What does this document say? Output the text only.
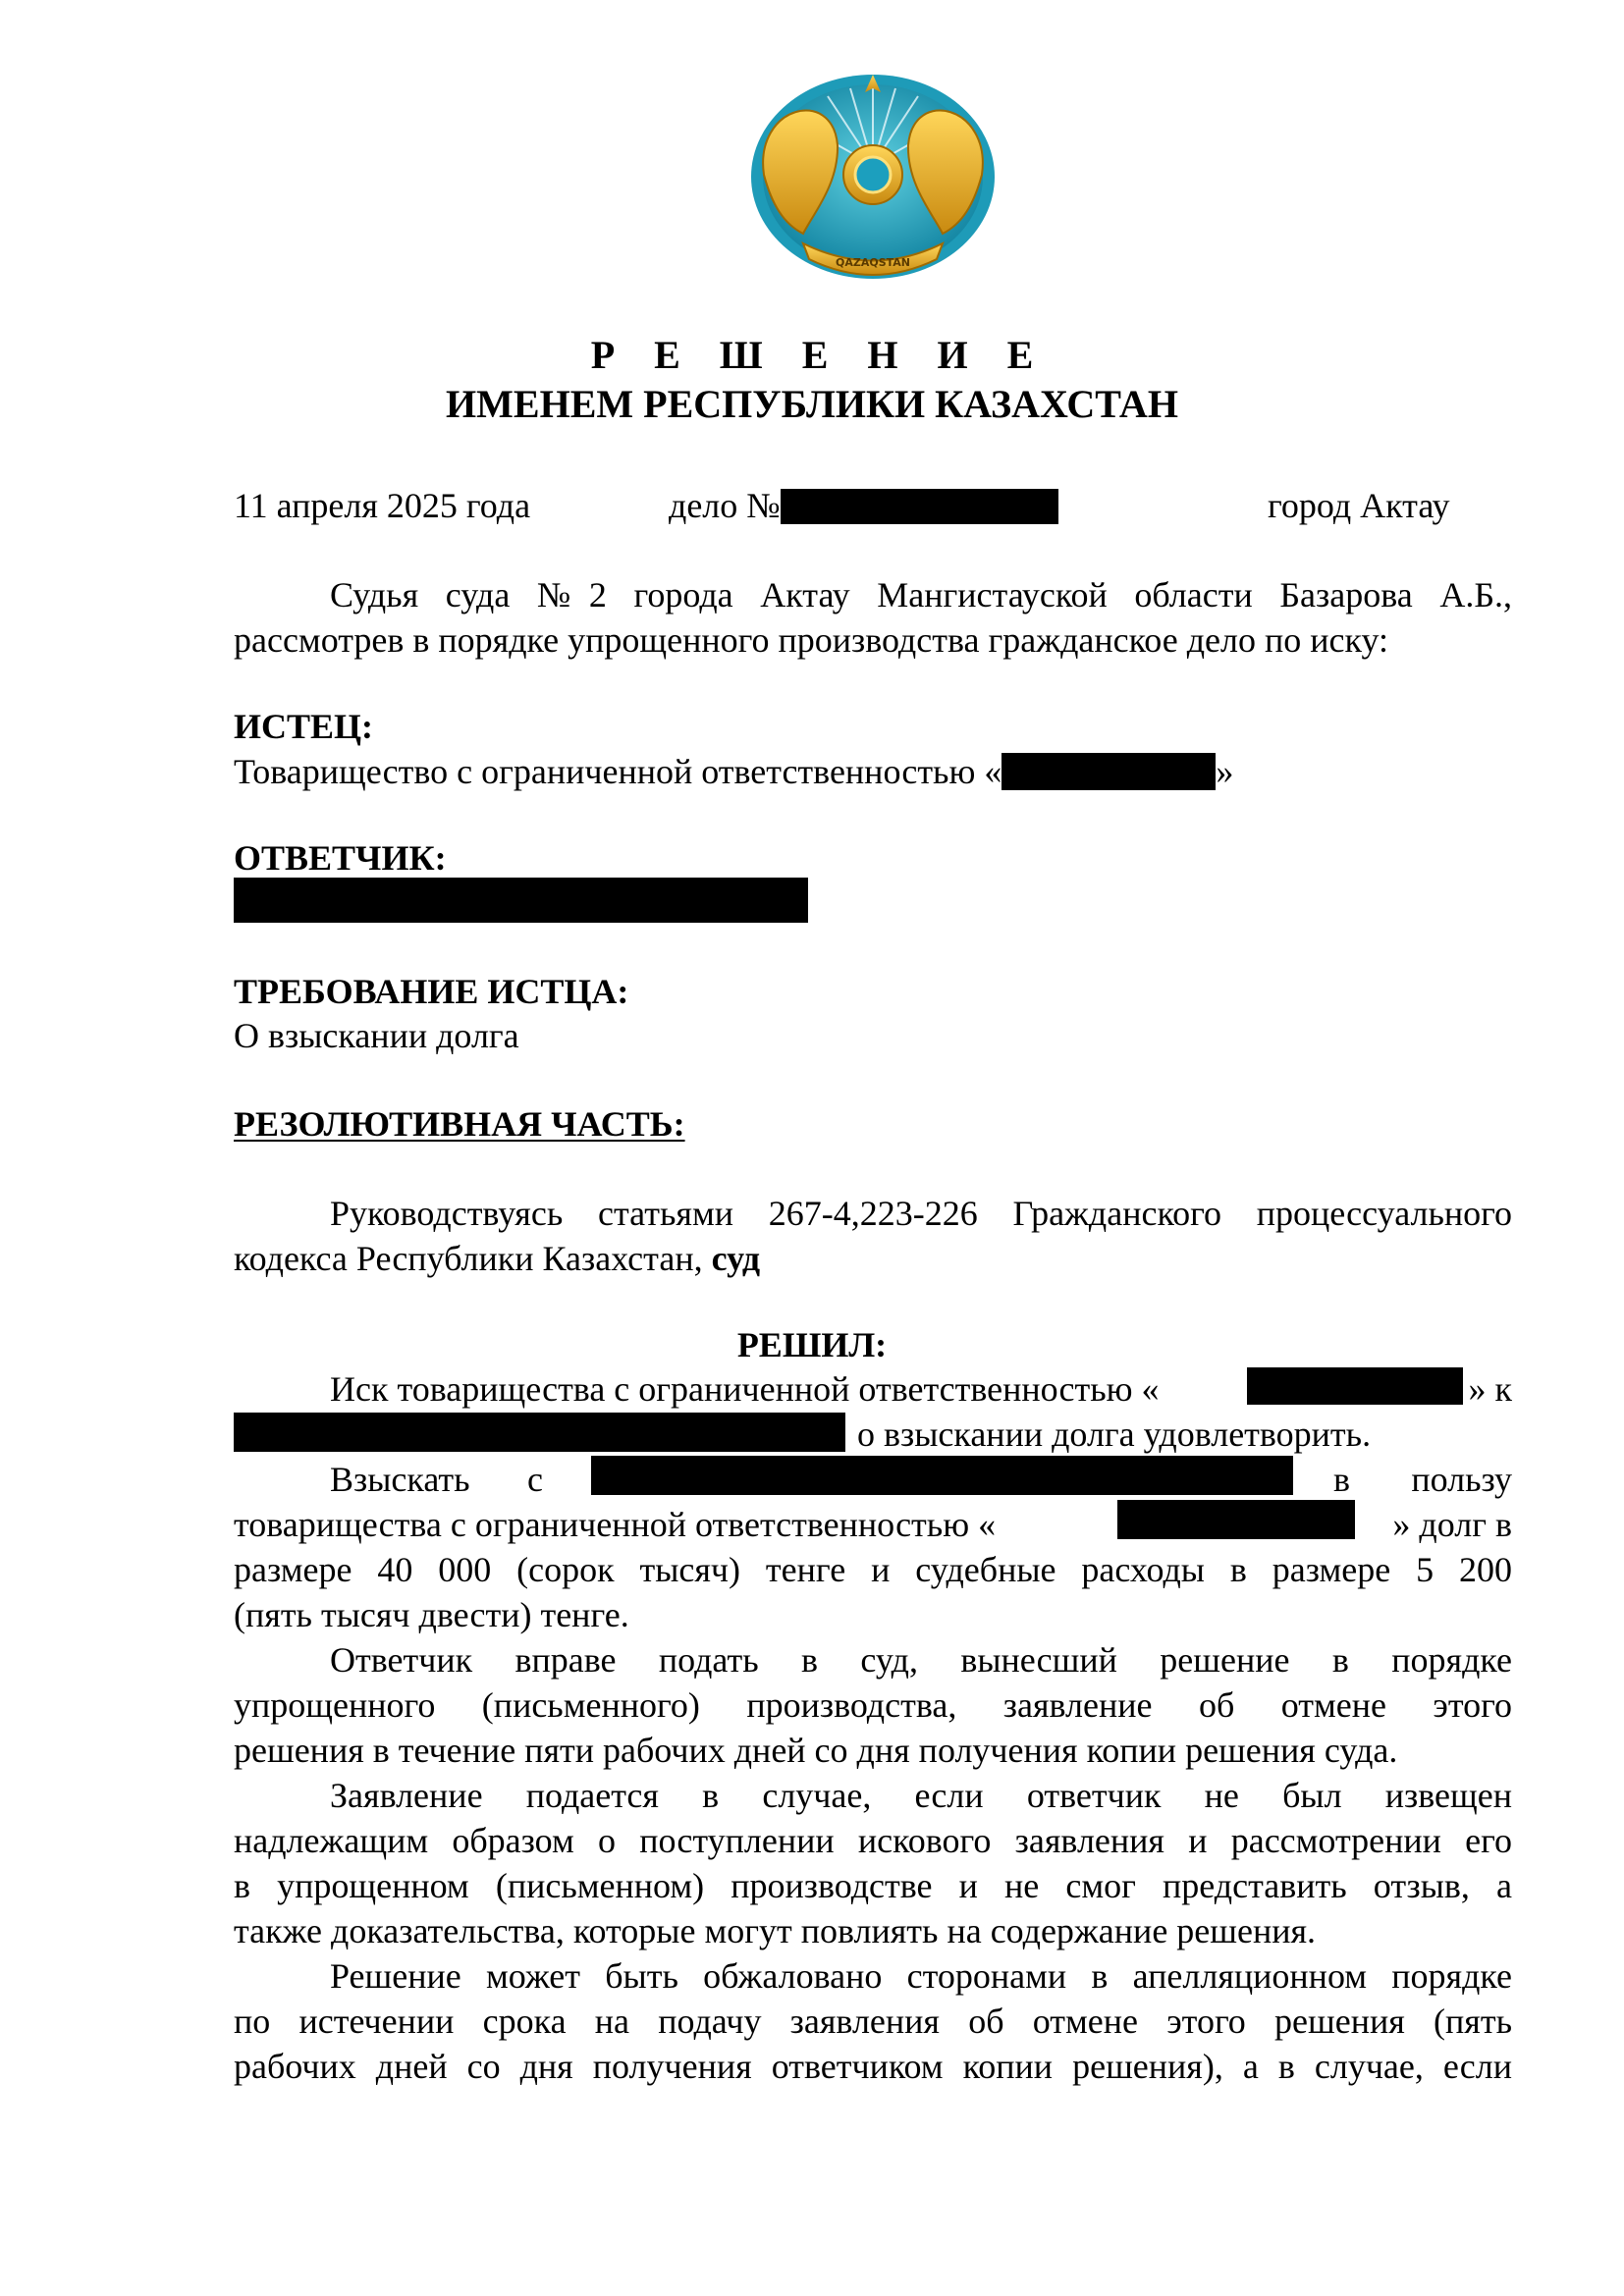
QAZAQSTAN
Р Е Ш Е Н И Е
ИМЕНЕМ РЕСПУБЛИКИ КАЗАХСТАН
11 апреля 2025 года	дело №	город Актау
Судья суда №2 города Актау Мангистауской области Базарова А.Б.,
рассмотрев в порядке упрощенного производства гражданское дело по иску:
ИСТЕЦ:
Товарищество с ограниченной ответственностью «	»
ОТВЕТЧИК:
ТРЕБОВАНИЕ ИСТЦА:
О взыскании долга
РЕЗОЛЮТИВНАЯ ЧАСТЬ:
Руководствуясь статьями 267-4,223-226 Гражданского процессуального
кодекса Республики Казахстан, суд
РЕШИЛ:
Иск товарищества с ограниченной ответственностью «	» к
о взыскании долга удовлетворить.
Взыскать с	в	пользу
товарищества с ограниченной ответственностью «	» долг в
размере 40 000 (сорок тысяч) тенге и судебные расходы в размере 5 200
(пять тысяч двести) тенге.
Ответчик вправе подать в суд, вынесший решение в порядке
упрощенного (письменного) производства, заявление об отмене этого
решения в течение пяти рабочих дней со дня получения копии решения суда.
Заявление подается в случае, если ответчик не был извещен
надлежащим образом о поступлении искового заявления и рассмотрении его
в упрощенном (письменном) производстве и не смог представить отзыв, а
также доказательства, которые могут повлиять на содержание решения.
Решение может быть обжаловано сторонами в апелляционном порядке
по истечении срока на подачу заявления об отмене этого решения (пять
рабочих дней со дня получения ответчиком копии решения), а в случае, если
